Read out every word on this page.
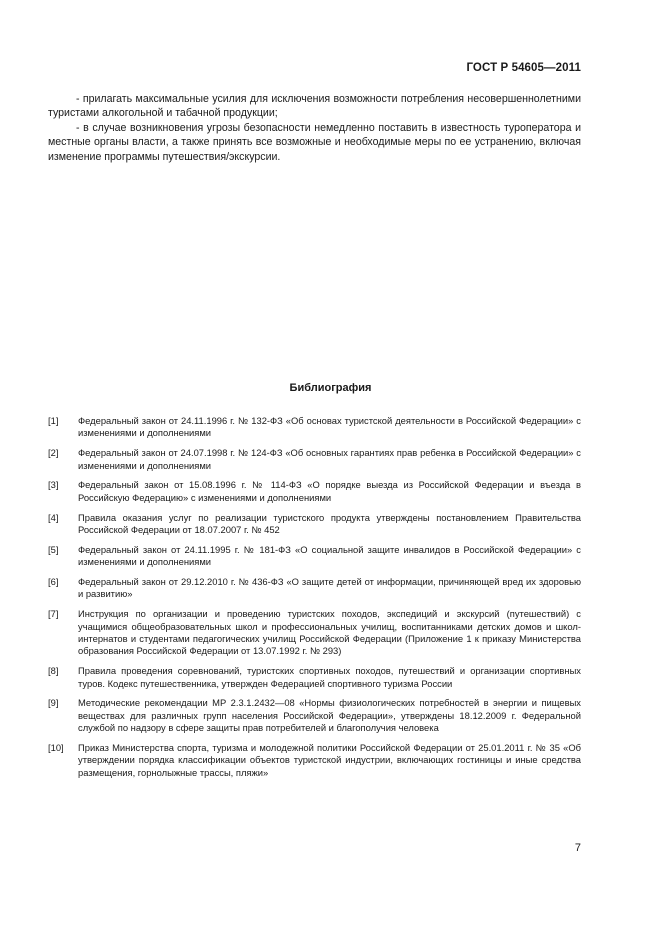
ГОСТ Р 54605—2011

- прилагать максимальные усилия для исключения возможности потребления несовершеннолетними туристами алкогольной и табачной продукции;

- в случае возникновения угрозы безопасности немедленно поставить в известность туроператора и местные органы власти, а также принять все возможные и необходимые меры по ее устранению, включая изменение программы путешествия/экскурсии.

Библиография
[1]	Федеральный закон от 24.11.1996 г. № 132-ФЗ «Об основах туристской деятельности в Российской Федерации» с изменениями и дополнениями
[2]	Федеральный закон от 24.07.1998 г. № 124-ФЗ «Об основных гарантиях прав ребенка в Российской Федерации» с изменениями и дополнениями
[3]	Федеральный закон от 15.08.1996 г. № 114-ФЗ «О порядке выезда из Российской Федерации и въезда в Российскую Федерацию» с изменениями и дополнениями
[4]	Правила оказания услуг по реализации туристского продукта утверждены постановлением Правительства Российской Федерации от 18.07.2007 г. № 452
[5]	Федеральный закон от 24.11.1995 г. № 181-ФЗ «О социальной защите инвалидов в Российской Федерации» с изменениями и дополнениями
[6]	Федеральный закон от 29.12.2010 г. № 436-ФЗ «О защите детей от информации, причиняющей вред их здоровью и развитию»
[7]	Инструкция по организации и проведению туристских походов, экспедиций и экскурсий (путешествий) с учащимися общеобразовательных школ и профессиональных училищ, воспитанниками детских домов и школ-интернатов и студентами педагогических училищ Российской Федерации (Приложение 1 к приказу Министерства образования Российской Федерации от 13.07.1992 г. № 293)
[8]	Правила проведения соревнований, туристских спортивных походов, путешествий и организации спортивных туров. Кодекс путешественника, утвержден Федерацией спортивного туризма России
[9]	Методические рекомендации МР 2.3.1.2432—08 «Нормы физиологических потребностей в энергии и пищевых веществах для различных групп населения Российской Федерации», утверждены 18.12.2009 г. Федеральной службой по надзору в сфере защиты прав потребителей и благополучия человека
[10]	Приказ Министерства спорта, туризма и молодежной политики Российской Федерации от 25.01.2011 г. № 35 «Об утверждении порядка классификации объектов туристской индустрии, включающих гостиницы и иные средства размещения, горнолыжные трассы, пляжи»
7
